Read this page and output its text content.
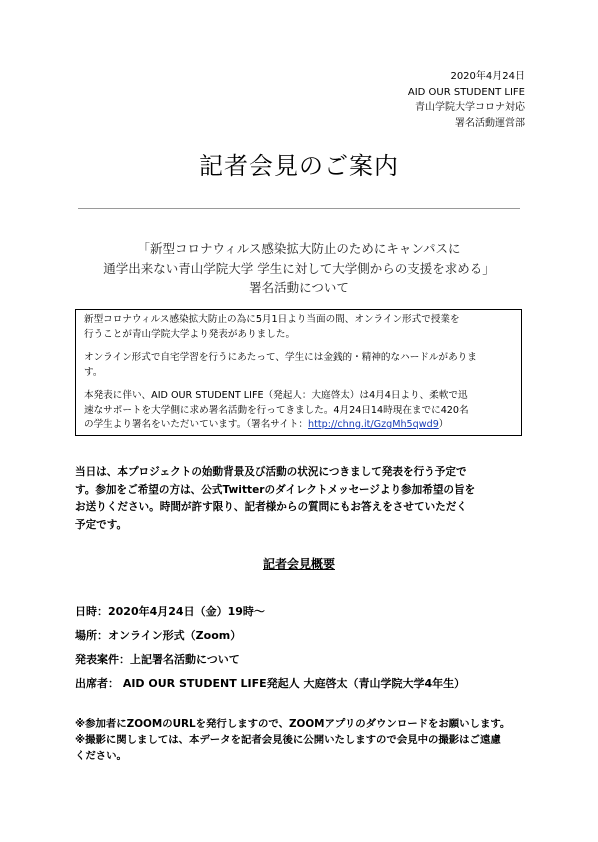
2020年4月24日
AID OUR STUDENT LIFE
青山学院大学コロナ対応
署名活動運営部
記者会見のご案内
「新型コロナウィルス感染拡大防止のためにキャンパスに
通学出来ない青山学院大学 学生に対して大学側からの支援を求める」
署名活動について

新型コロナウィルス感染拡大防止の為に5月1日より当面の間、オンライン形式で授業を
行うことが青山学院大学より発表がありました。

オンライン形式で自宅学習を行うにあたって、学生には金銭的・精神的なハードルがありま
す。

本発表に伴い、AID OUR STUDENT LIFE（発起人：大庭啓太）は4月4日より、柔軟で迅
速なサポートを大学側に求め署名活動を行ってきました。4月24日14時現在までに420名
の学生より署名をいただいています。（署名サイト：http://chng.it/GzgMh5qwd9）

当日は、本プロジェクトの始動背景及び活動の状況につきまして発表を行う予定で
す。参加をご希望の方は、公式Twitterのダイレクトメッセージより参加希望の旨を
お送りください。時間が許す限り、記者様からの質問にもお答えをさせていただく
予定です。
記者会見概要
日時：2020年4月24日（金）19時〜
場所：オンライン形式（Zoom）
発表案件：上記署名活動について
出席者： AID OUR STUDENT LIFE発起人 大庭啓太（青山学院大学4年生）
※参加者にZOOMのURLを発行しますので、ZOOMアプリのダウンロードをお願いします。
※撮影に関しましては、本データを記者会見後に公開いたしますので会見中の撮影はご遠慮
ください。
